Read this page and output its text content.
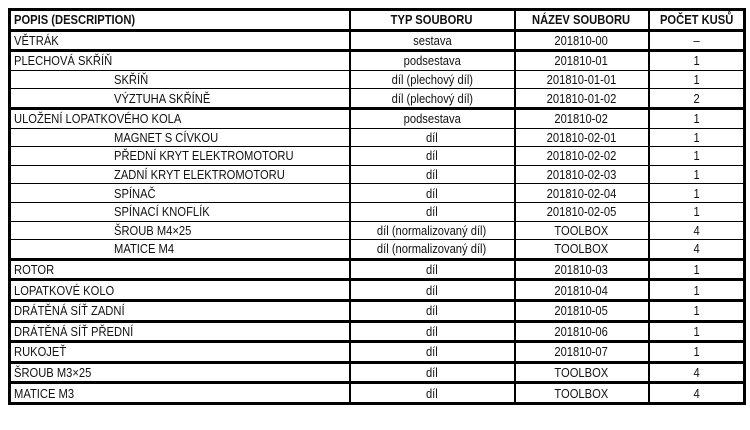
POPIS (DESCRIPTION)	TYP SOUBORU	NÁZEV SOUBORU	POČET KUSŮ
VĚTRÁK	sestava	201810-00	–
PLECHOVÁ SKŘÍŇ	podsestava	201810-01	1
SKŘÍŇ	díl (plechový díl)	201810-01-01	1
VÝZTUHA SKŘÍNĚ	díl (plechový díl)	201810-01-02	2
ULOŽENÍ LOPATKOVÉHO KOLA	podsestava	201810-02	1
MAGNET S CÍVKOU	díl	201810-02-01	1
PŘEDNÍ KRYT ELEKTROMOTORU	díl	201810-02-02	1
ZADNÍ KRYT ELEKTROMOTORU	díl	201810-02-03	1
SPÍNAČ	díl	201810-02-04	1
SPÍNACÍ KNOFLÍK	díl	201810-02-05	1
ŠROUB M4×25	díl (normalizovaný díl)	TOOLBOX	4
MATICE M4	díl (normalizovaný díl)	TOOLBOX	4
ROTOR	díl	201810-03	1
LOPATKOVÉ KOLO	díl	201810-04	1
DRÁTĚNÁ SÍŤ ZADNÍ	díl	201810-05	1
DRÁTĚNÁ SÍŤ PŘEDNÍ	díl	201810-06	1
RUKOJEŤ	díl	201810-07	1
ŠROUB M3×25	díl	TOOLBOX	4
MATICE M3	díl	TOOLBOX	4
